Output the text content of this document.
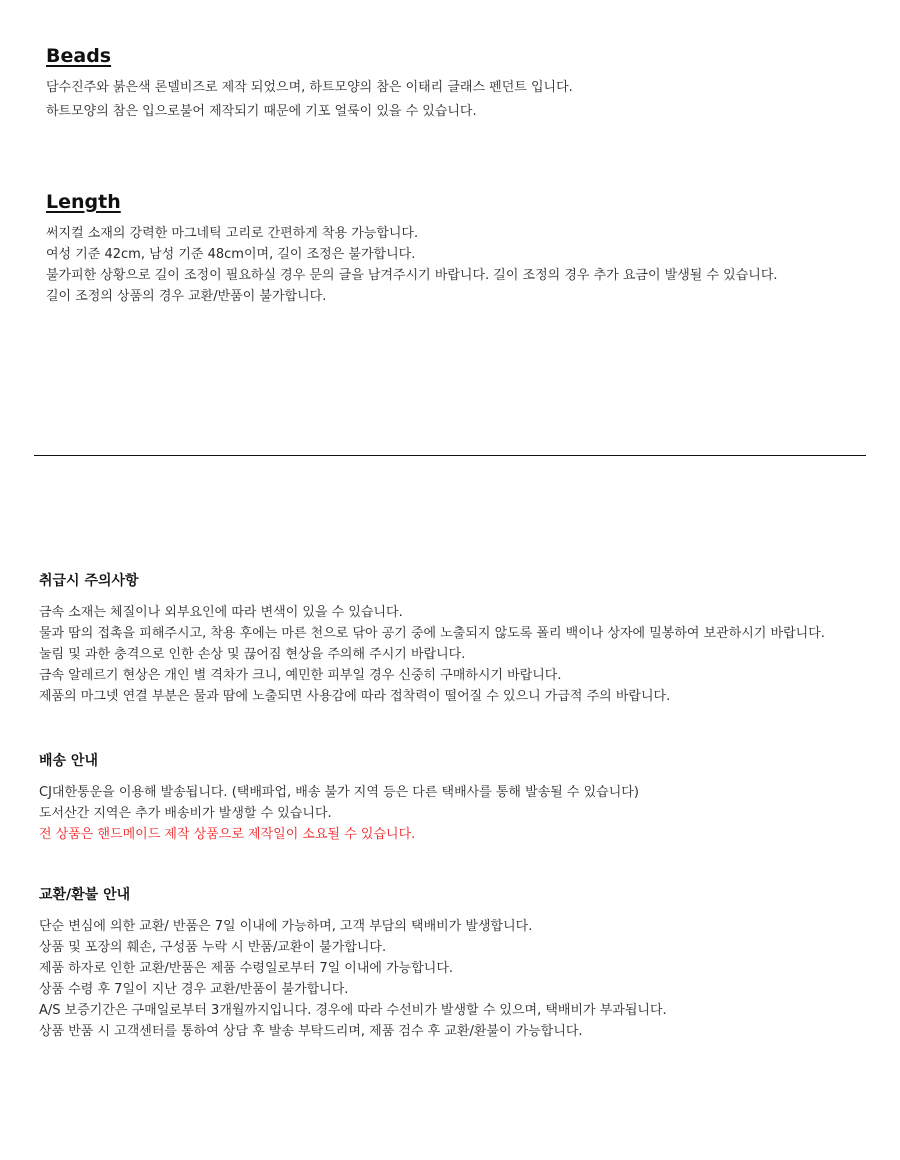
Beads
담수진주와 붉은색 론델비즈로 제작 되었으며, 하트모양의 참은 이태리 글래스 펜던트 입니다.
하트모양의 참은 입으로불어 제작되기 때문에 기포 얼룩이 있을 수 있습니다.
Length
써지컬 소재의 강력한 마그네틱 고리로 간편하게 착용 가능합니다.
여성 기준 42cm, 남성 기준 48cm이며, 길이 조정은 불가합니다.
불가피한 상황으로 길이 조정이 필요하실 경우 문의 글을 남겨주시기 바랍니다. 길이 조정의 경우 추가 요금이 발생될 수 있습니다.
길이 조정의 상품의 경우 교환/반품이 불가합니다.
취급시 주의사항
금속 소재는 체질이나 외부요인에 따라 변색이 있을 수 있습니다.
물과 땀의 접촉을 피해주시고, 착용 후에는 마른 천으로 닦아 공기 중에 노출되지 않도록 폴리 백이나 상자에 밀봉하여 보관하시기 바랍니다.
눌림 및 과한 충격으로 인한 손상 및 끊어짐 현상을 주의해 주시기 바랍니다.
금속 알레르기 현상은 개인 별 격차가 크니, 예민한 피부일 경우 신중히 구매하시기 바랍니다.
제품의 마그넷 연결 부분은 물과 땀에 노출되면 사용감에 따라 접착력이 떨어질 수 있으니 가급적 주의 바랍니다.
배송 안내
CJ대한통운을 이용해 발송됩니다. (택배파업, 배송 불가 지역 등은 다른 택배사를 통해 발송될 수 있습니다)
도서산간 지역은 추가 배송비가 발생할 수 있습니다.
전 상품은 핸드메이드 제작 상품으로 제작일이 소요될 수 있습니다.
교환/환불 안내
단순 변심에 의한 교환/ 반품은 7일 이내에 가능하며, 고객 부담의 택배비가 발생합니다.
상품 및 포장의 훼손, 구성품 누락 시 반품/교환이 불가합니다.
제품 하자로 인한 교환/반품은 제품 수령일로부터 7일 이내에 가능합니다.
상품 수령 후 7일이 지난 경우 교환/반품이 불가합니다.
A/S 보증기간은 구매일로부터 3개월까지입니다. 경우에 따라 수선비가 발생할 수 있으며, 택배비가 부과됩니다.
상품 반품 시 고객센터를 통하여 상담 후 발송 부탁드리며, 제품 검수 후 교환/환불이 가능합니다.
